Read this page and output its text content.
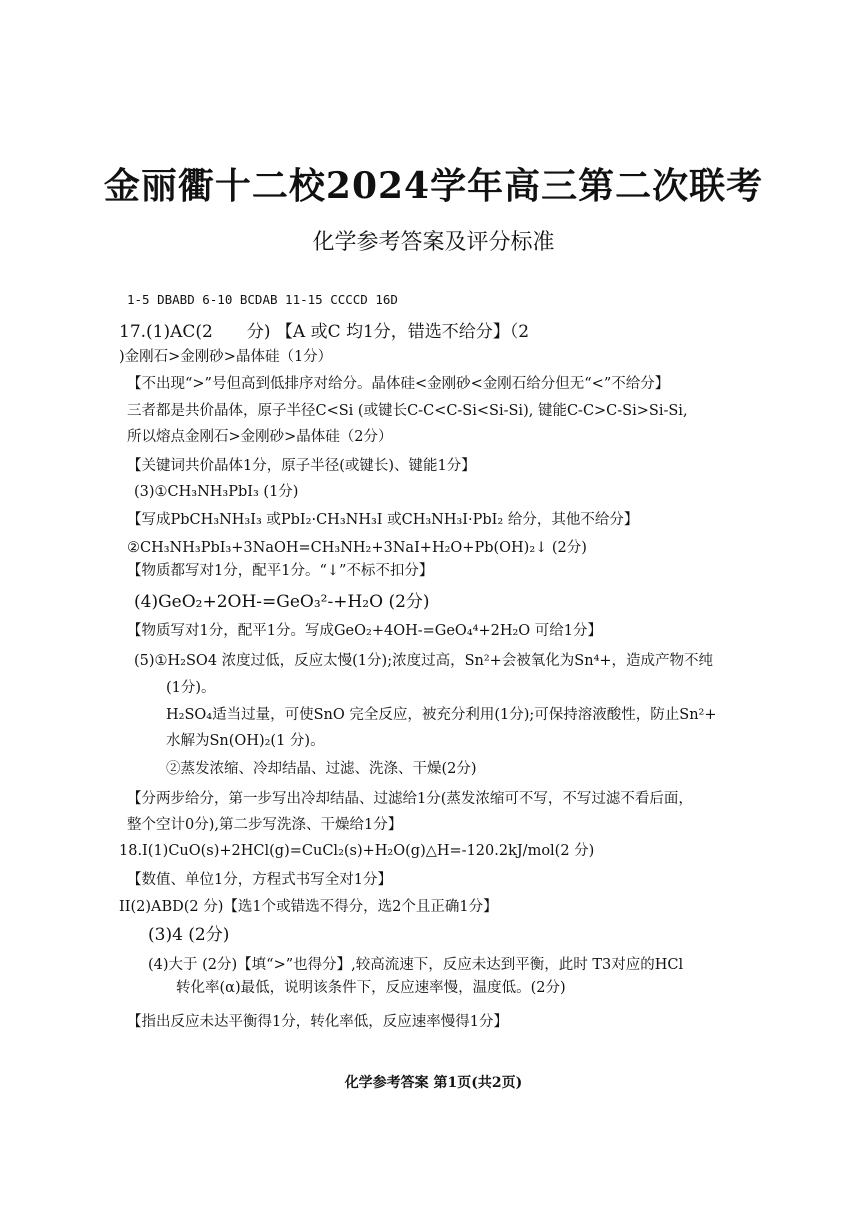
金丽衢十二校2024学年高三第二次联考
化学参考答案及评分标准
1-5 DBABD 6-10 BCDAB 11-15 CCCCD 16D
17.(1)AC(2　　分) 【A 或C 均1分，错选不给分】（2
)金刚石>金刚砂>晶体硅（1分）
【不出现“>”号但高到低排序对给分。晶体硅<金刚砂<金刚石给分但无“<”不给分】
三者都是共价晶体，原子半径C<Si (或键长C-C<C-Si<Si-Si), 键能C-C>C-Si>Si-Si,
所以熔点金刚石>金刚砂>晶体硅（2分）
【关键词共价晶体1分，原子半径(或键长)、键能1分】
(3)①CH₃NH₃PbI₃ (1分)
【写成PbCH₃NH₃I₃ 或PbI₂·CH₃NH₃I 或CH₃NH₃I·PbI₂ 给分，其他不给分】
②CH₃NH₃PbI₃+3NaOH=CH₃NH₂+3NaI+H₂O+Pb(OH)₂↓ (2分)
【物质都写对1分，配平1分。“↓”不标不扣分】
(4)GeO₂+2OH-=GeO₃²-+H₂O (2分)
【物质写对1分，配平1分。写成GeO₂+4OH-=GeO₄⁴+2H₂O 可给1分】
(5)①H₂SO4 浓度过低，反应太慢(1分);浓度过高，Sn²+会被氧化为Sn⁴+，造成产物不纯
(1分)。
H₂SO₄适当过量，可使SnO 完全反应，被充分利用(1分);可保持溶液酸性，防止Sn²+
水解为Sn(OH)₂(1 分)。
②蒸发浓缩、冷却结晶、过滤、洗涤、干燥(2分)
【分两步给分，第一步写出冷却结晶、过滤给1分(蒸发浓缩可不写，不写过滤不看后面，
整个空计0分),第二步写洗涤、干燥给1分】
18.I(1)CuO(s)+2HCl(g)=CuCl₂(s)+H₂O(g)△H=-120.2kJ/mol(2 分)
【数值、单位1分，方程式书写全对1分】
II(2)ABD(2 分)【选1个或错选不得分，选2个且正确1分】
(3)4 (2分)
(4)大于 (2分)【填“>”也得分】,较高流速下，反应未达到平衡，此时 T3对应的HCl
转化率(α)最低，说明该条件下，反应速率慢，温度低。(2分)
【指出反应未达平衡得1分，转化率低，反应速率慢得1分】
化学参考答案 第1页(共2页)
